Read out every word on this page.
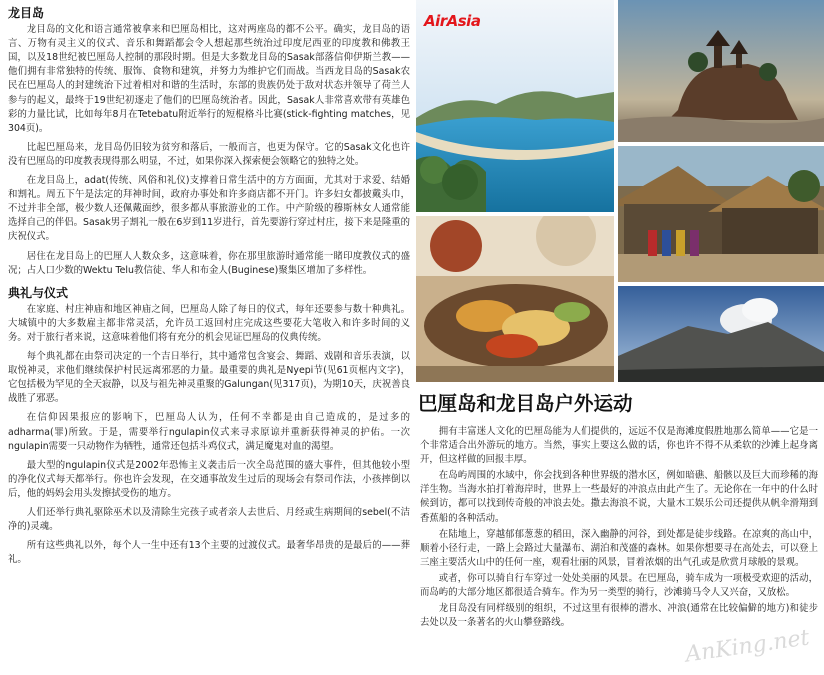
龙目岛

龙目岛的文化和语言通常被拿来和巴厘岛相比，这对两座岛的都不公平。确实，龙目岛的语言、万物有灵主义的仪式、音乐和舞蹈都会令人想起那些统治过印度尼西亚的印度教和佛教王国，以及18世纪被巴厘岛人控制的那段时期。但是大多数龙目岛的Sasak部落信仰伊斯兰教——他们拥有非常独特的传统、服饰、食物和建筑，并努力为维护它们而战。当西龙目岛的Sasak农民在巴厘岛人的封建统治下过着相对和谐的生活时，东部的贵族仍处于敌对状态并领导了荷兰人参与的起义，最终于19世纪初逐走了他们的巴厘岛统治者。因此，Sasak人非常喜欢带有英雄色彩的力量比试，比如每年8月在Tetebatu附近举行的短棍格斗比赛(stick-fighting matches，见304页)。

比起巴厘岛来，龙目岛仍旧较为贫穷和落后，一般而言，也更为保守。它的Sasak文化也许没有巴厘岛的印度教表现得那么明显，不过，如果你深入探索便会领略它的独特之处。

在龙目岛上，adat(传统、风俗和礼仪)支撑着日常生活中的方方面面，尤其对于求爱、结婚和割礼。周五下午是法定的拜神时间，政府办事处和许多商店都不开门。许多妇女都披戴头巾，不过并非全部，极少数人还佩戴面纱，很多都从事旅游业的工作。中产阶级的穆斯林女人通常能选择自己的伴侣。Sasak男子割礼一般在6岁到11岁进行，首先要游行穿过村庄，接下来是隆重的庆祝仪式。

居住在龙目岛上的巴厘人人数众多，这意味着，你在那里旅游时通常能一睹印度教仪式的盛况；占人口少数的Wektu Telu教信徒、华人和布金人(Buginese)聚集区增加了多样性。

典礼与仪式

在家庭、村庄神庙和地区神庙之间，巴厘岛人除了每日的仪式，每年还要参与数十种典礼。大城镇中的大多数雇主都非常灵活，允许员工返回村庄完成这些要花大笔收入和许多时间的义务。对于旅行者来说，这意味着他们将有充分的机会见证巴厘岛的仪典传统。

每个典礼都在由祭司决定的一个吉日举行，其中通常包含宴会、舞蹈、戏剧和音乐表演，以取悦神灵，求他们继续保护村民远离邪恶的力量。最重要的典礼是Nyepi节(见61页框内文字)，它包括极为罕见的全天寂静，以及与祖先神灵重聚的Galungan(见317页)，为期10天，庆祝善良战胜了邪恶。

在信仰因果报应的影响下，巴厘岛人认为，任何不幸都是由自己造成的，是过多的adharma(罪)所致。于是，需要举行ngulapin仪式来寻求原谅并重新获得神灵的护佑。一次ngulapin需要一只动物作为牺牲，通常还包括斗鸡仪式，满足魔鬼对血的渴望。

最大型的ngulapin仪式是2002年恐怖主义袭击后一次全岛范围的盛大事件，但其他较小型的净化仪式每天都举行。你也许会发现，在交通事故发生过后的现场会有祭司作法，小孩摔倒以后，他的妈妈会用头发擦拭受伤的地方。

人们还举行典礼驱除巫术以及清除生完孩子或者亲人去世后、月经或生病期间的sebel(不洁净的)灵魂。

所有这些典礼以外，每个人一生中还有13个主要的过渡仪式。最奢华昂贵的是最后的——葬礼。

AirAsia
巴厘岛和龙目岛户外运动

拥有丰富迷人文化的巴厘岛能为人们提供的，远远不仅是海滩度假胜地那么简单——它是一个非常适合出外游玩的地方。当然，事实上要这么做的话，你也许不得不从柔软的沙滩上起身离开，但这样做的回报丰厚。

在岛屿周围的水域中，你会找到各种世界级的潜水区，例如暗礁、船骸以及巨大而珍稀的海洋生物。当海水拍打着海岸时，世界上一些最好的冲浪点由此产生了。无论你在一年中的什么时候到访，都可以找到传奇般的冲浪去处。撒去海浪不说，大量木工娱乐公司还提供从帆伞滑翔到香蕉船的各种活动。

在陆地上，穿越郁郁葱葱的稻田，深入幽静的河谷，到处都是徒步线路。在凉爽的高山中，顺着小径行走，一路上会路过大量瀑布、湖泊和茂盛的森林。如果你想要寻在高处去，可以登上三座主要活火山中的任何一座，观看壮丽的风景，冒着浓烟的出气孔或是欣赏月球般的景观。

或者，你可以骑自行车穿过一处处美丽的风景。在巴厘岛，骑车成为一项极受欢迎的活动，而岛屿的大部分地区都很适合骑车。作为另一类型的骑行，沙滩骑马令人又兴奋，又放松。

龙目岛没有同样级别的组织，不过这里有很棒的潜水、冲浪(通常在比较偏僻的地方)和徒步去处以及一条著名的火山攀登路线。

AnKing.net
